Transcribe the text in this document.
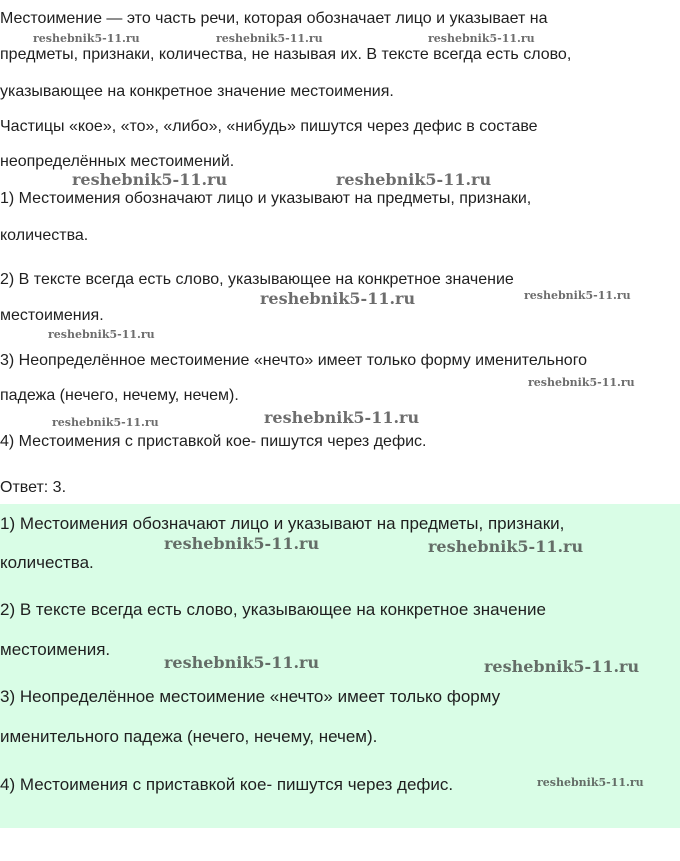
Местоимение — это часть речи, которая обозначает лицо и указывает на

предметы, признаки, количества, не называя их. В тексте всегда есть слово,

указывающее на конкретное значение местоимения.

Частицы «кое», «то», «либо», «нибудь» пишутся через дефис в составе

неопределённых местоимений.

1) Местоимения обозначают лицо и указывают на предметы, признаки,

количества.

2) В тексте всегда есть слово, указывающее на конкретное значение

местоимения.

3) Неопределённое местоимение «нечто» имеет только форму именительного

падежа (нечего, нечему, нечем).

4) Местоимения с приставкой кое- пишутся через дефис.

Ответ: 3.

1) Местоимения обозначают лицо и указывают на предметы, признаки,

количества.

2) В тексте всегда есть слово, указывающее на конкретное значение

местоимения.

3) Неопределённое местоимение «нечто» имеет только форму

именительного падежа (нечего, нечему, нечем).

4) Местоимения с приставкой кое- пишутся через дефис.

reshebnik5-11.ru	reshebnik5-11.ru	reshebnik5-11.ru
reshebnik5-11.ru	reshebnik5-11.ru
reshebnik5-11.ru	reshebnik5-11.ru
reshebnik5-11.ru
reshebnik5-11.ru
reshebnik5-11.ru	reshebnik5-11.ru
reshebnik5-11.ru	reshebnik5-11.ru
reshebnik5-11.ru	reshebnik5-11.ru
reshebnik5-11.ru
